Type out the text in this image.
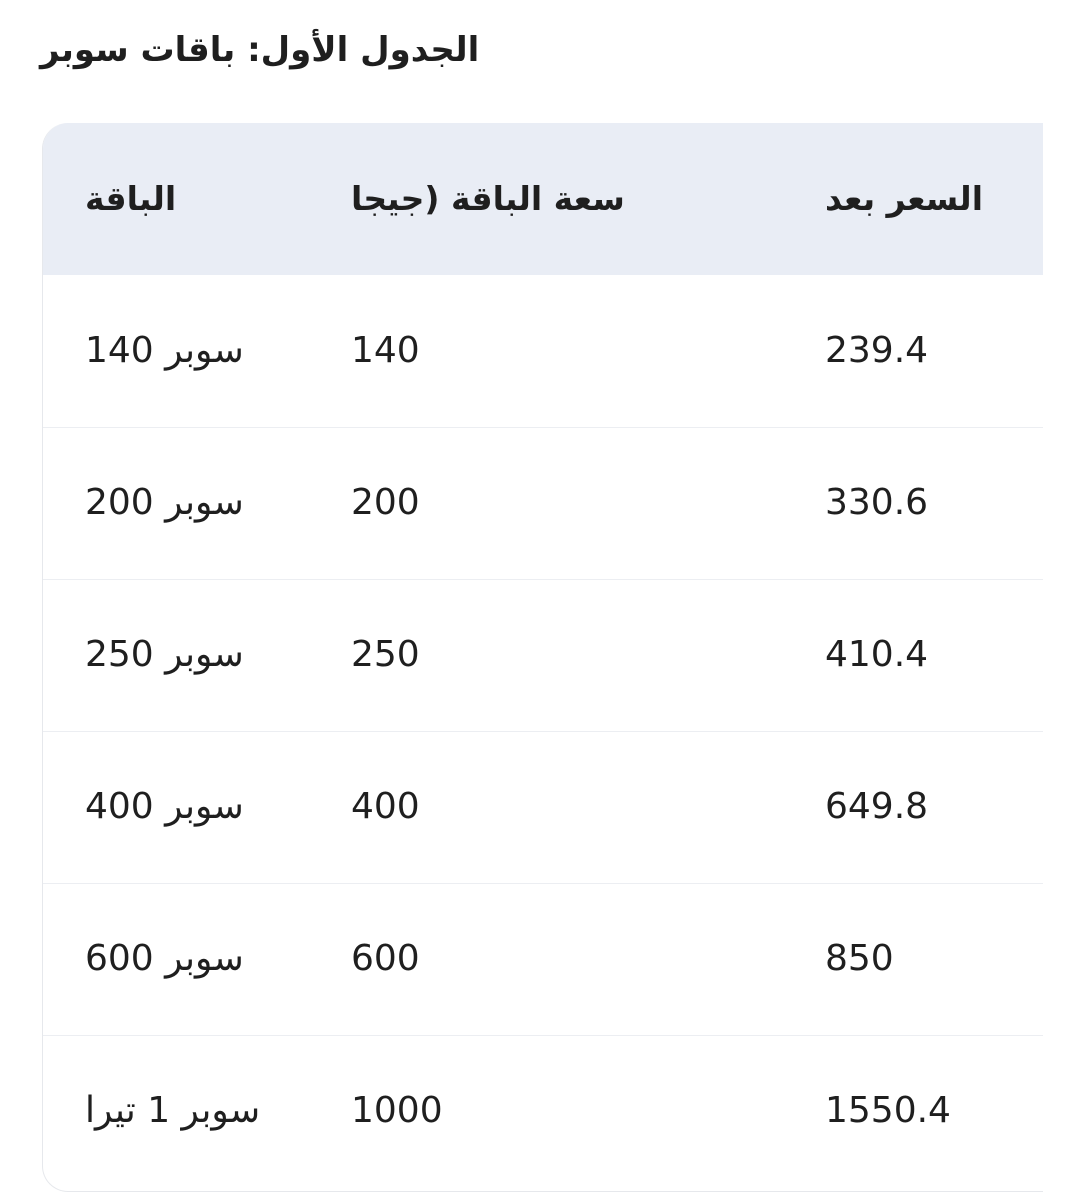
الجدول الأول: باقات سوبر
الباقة	سعة الباقة (جيجا	السعر بعد
سوبر 140	140	239.4
سوبر 200	200	330.6
سوبر 250	250	410.4
سوبر 400	400	649.8
سوبر 600	600	850
سوبر 1 تيرا	1000	1550.4
